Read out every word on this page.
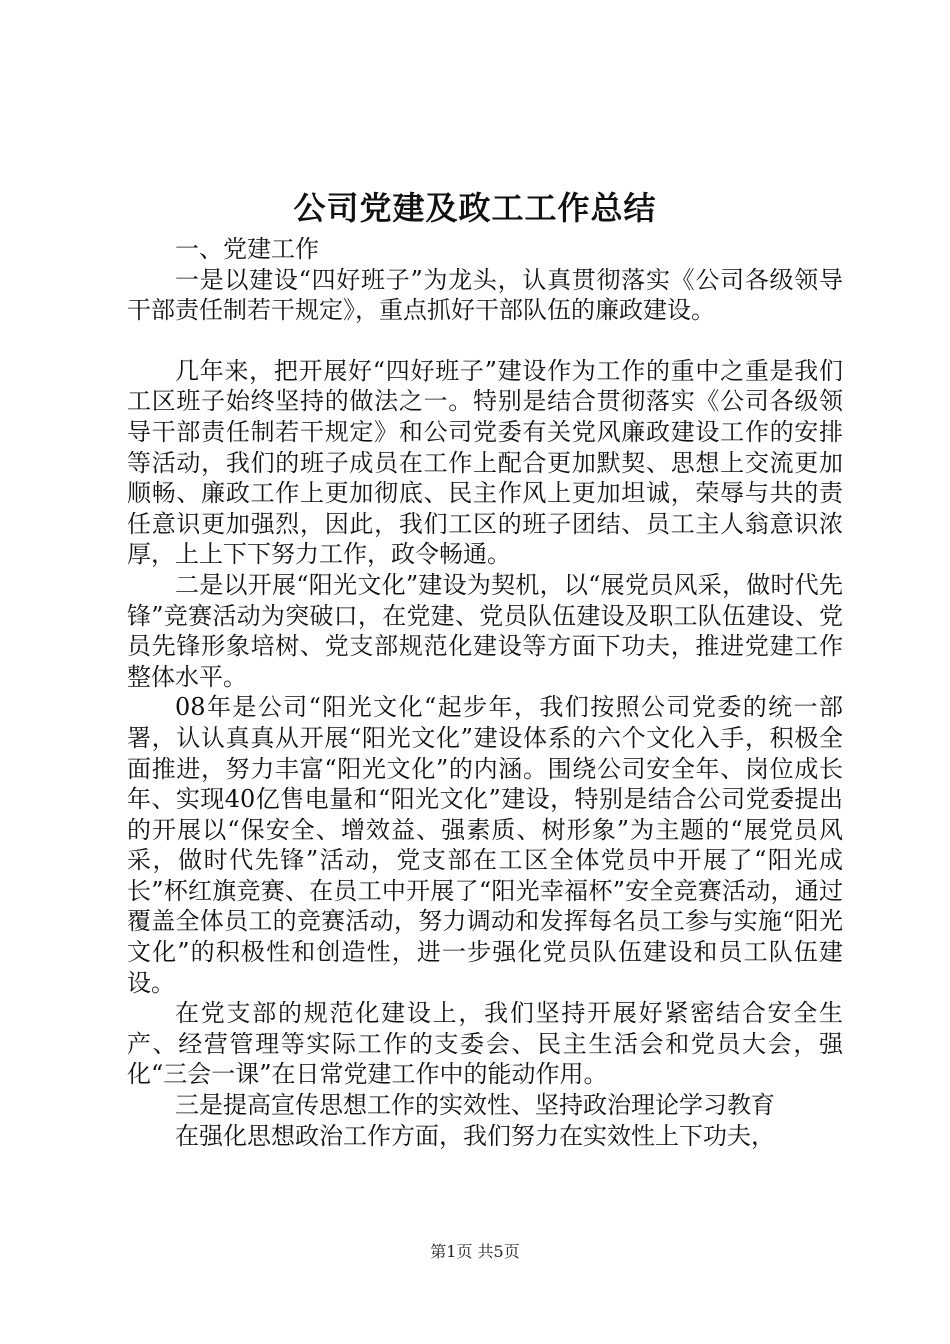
公司党建及政工工作总结

一、党建工作

一是以建设“四好班子”为龙头，认真贯彻落实《公司各级领导干部责任制若干规定》，重点抓好干部队伍的廉政建设。

几年来，把开展好“四好班子”建设作为工作的重中之重是我们工区班子始终坚持的做法之一。特别是结合贯彻落实《公司各级领导干部责任制若干规定》和公司党委有关党风廉政建设工作的安排等活动，我们的班子成员在工作上配合更加默契、思想上交流更加顺畅、廉政工作上更加彻底、民主作风上更加坦诚，荣辱与共的责任意识更加强烈，因此，我们工区的班子团结、员工主人翁意识浓厚，上上下下努力工作，政令畅通。

二是以开展“阳光文化”建设为契机，以“展党员风采，做时代先锋”竞赛活动为突破口，在党建、党员队伍建设及职工队伍建设、党员先锋形象培树、党支部规范化建设等方面下功夫，推进党建工作整体水平。

08年是公司“阳光文化“起步年，我们按照公司党委的统一部署，认认真真从开展“阳光文化”建设体系的六个文化入手，积极全面推进，努力丰富“阳光文化”的内涵。围绕公司安全年、岗位成长年、实现40亿售电量和“阳光文化”建设，特别是结合公司党委提出的开展以“保安全、增效益、强素质、树形象”为主题的“展党员风采，做时代先锋”活动，党支部在工区全体党员中开展了“阳光成长”杯红旗竞赛、在员工中开展了“阳光幸福杯”安全竞赛活动，通过覆盖全体员工的竞赛活动，努力调动和发挥每名员工参与实施“阳光文化”的积极性和创造性，进一步强化党员队伍建设和员工队伍建设。

在党支部的规范化建设上，我们坚持开展好紧密结合安全生产、经营管理等实际工作的支委会、民主生活会和党员大会，强化“三会一课”在日常党建工作中的能动作用。

三是提高宣传思想工作的实效性、坚持政治理论学习教育

在强化思想政治工作方面，我们努力在实效性上下功夫，

第1页 共5页
